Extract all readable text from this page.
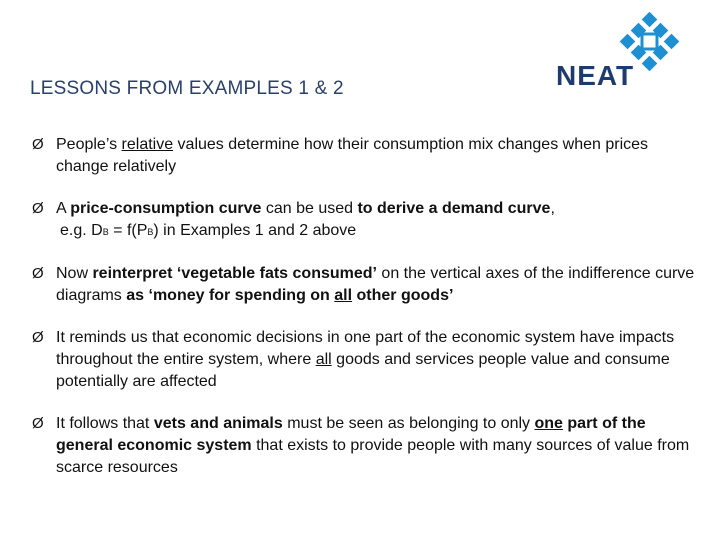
LESSONS FROM EXAMPLES 1 & 2	NEAT
Ø People’s relative values determine how their consumption mix changes when prices change relatively
Ø A price-consumption curve can be used to derive a demand curve,
e.g. DB = f(PB) in Examples 1 and 2 above
Ø Now reinterpret ‘vegetable fats consumed’ on the vertical axes of the indifference curve diagrams as ‘money for spending on all other goods’
Ø It reminds us that economic decisions in one part of the economic system have impacts throughout the entire system, where all goods and services people value and consume potentially are affected
Ø It follows that vets and animals must be seen as belonging to only one part of the general economic system that exists to provide people with many sources of value from scarce resources
